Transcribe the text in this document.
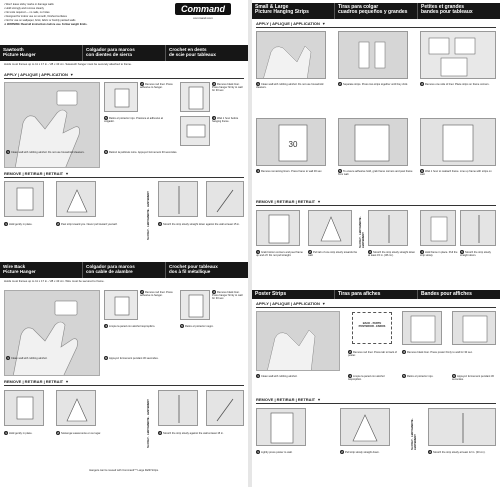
• Won't leave sticky marks or damage walls

• Hold strongly and remove cleanly

• No tools required — no nails, no holes

• Designed for indoor use on smooth, finished surfaces

• Not for use on wallpaper, brick, fabric or freshly painted walls

⚠ WARNING: Read all instructions before use. Follow weight limits.

Command
command.com
Sawtooth
Picture Hanger
Colgador para marcos
con dientes de sierra
Crochet en dents
de scie pour tableaux
Holds most frames up to 11 x 17 in. / 28 x 43 cm. Sawtooth hanger must be securely attached to frame.
APPLY | APLIQUE | APPLICATION ▼
2 Remove red liner. Press adhesive to hanger.

3 Remove black liner. Press hanger firmly to wall for 30 sec.

5 Retire el protector rojo. Presione el adhesivo al colgador.

4 Wait 1 hour before hanging frame.

6 Retirez la pellicule noire. Appuyez fermement 30 secondes.

1 Clean wall with rubbing alcohol. Do not use household cleaners.

REMOVE | RETIRAR | RETRAIT ▼
SLOWLY · LENTAMENTE · LENTEMENT
1 Hold gently in place.	2 Peel strip toward you. Never pull toward yourself.	3 Stretch the strip slowly straight down against the wall at least 15 in.

Wire Back
Picture Hanger
Colgador para marcos
con cable de alambre
Crochet pour tableaux
dos à fil métallique
Holds most frames up to 11 x 17 in. / 28 x 43 cm. Wire must be secured to frame.
1 Clean wall with rubbing alcohol.

2 Remove red liner. Press adhesive to hanger.

3 Remove black liner. Press hanger firmly to wall for 30 sec.

4 Limpie la pared con alcohol isopropílico.	5 Retire el protector negro.

6 Appuyez fermement pendant 30 secondes.

REMOVE | RETIRAR | RETRAIT ▼
SLOWLY · LENTAMENTE · LENTEMENT
1 Hold gently in place.	2 Sostenga suavemente en su lugar.	3 Stretch the strip slowly against the wall at least 15 in.

Hangers can be reused with Command™ Large Refill Strips.
Small & Large
Picture Hanging Strips
Tiras para colgar
cuadros pequeños y grandes
Petites et grandes
bandes pour tableaux
APPLY | APLIQUE | APPLICATION ▼
1 Clean wall with rubbing alcohol. Do not use household cleaners.

2 Separate strips. Press two strips together until they click.	3 Remove one side of liner. Place strips on frame corners.

30
4 Remove remaining liners. Press frame to wall 30 sec.	5 To ensure adhesive hold, grab frame corners and peel frame from wall.

6 Wait 1 hour to reattach frame. Line up frame with strips on wall.

REMOVE | RETIRAR | RETRAIT ▼
SLOWLY · LENTAMENTE · LENTEMENT
1 Grab bottom corners and peel frame up and off. Do not pull straight.

2 Pull tab of one strip slowly towards the wall.

3 Stretch the strip slowly straight down at least 15 in. (38 cm).

4 Hold frame in place. Pull the strip slowly.

5 Stretch the strip slowly straight down.

Poster Strips	Tiras para afiches	Bandes pour affiches
APPLY | APLIQUE | APPLICATION ▼
BACK · PARTE POSTERIOR · ENDOS
1 Clean wall with rubbing alcohol.

2 Remove red liner. Press tab to back of poster.

3 Remove black liner. Press poster firmly to wall for 30 sec.

4 Limpie la pared con alcohol isopropílico.

5 Retire el protector rojo.	6 Appuyez fermement pendant 30 secondes.

REMOVE | RETIRAR | RETRAIT ▼
SLOWLY · LENTAMENTE · LENTEMENT
1 Lightly press poster to wall.	2 Pull strip slowly straight down.	3 Stretch the strip slowly at least 12 in. (30 cm).
